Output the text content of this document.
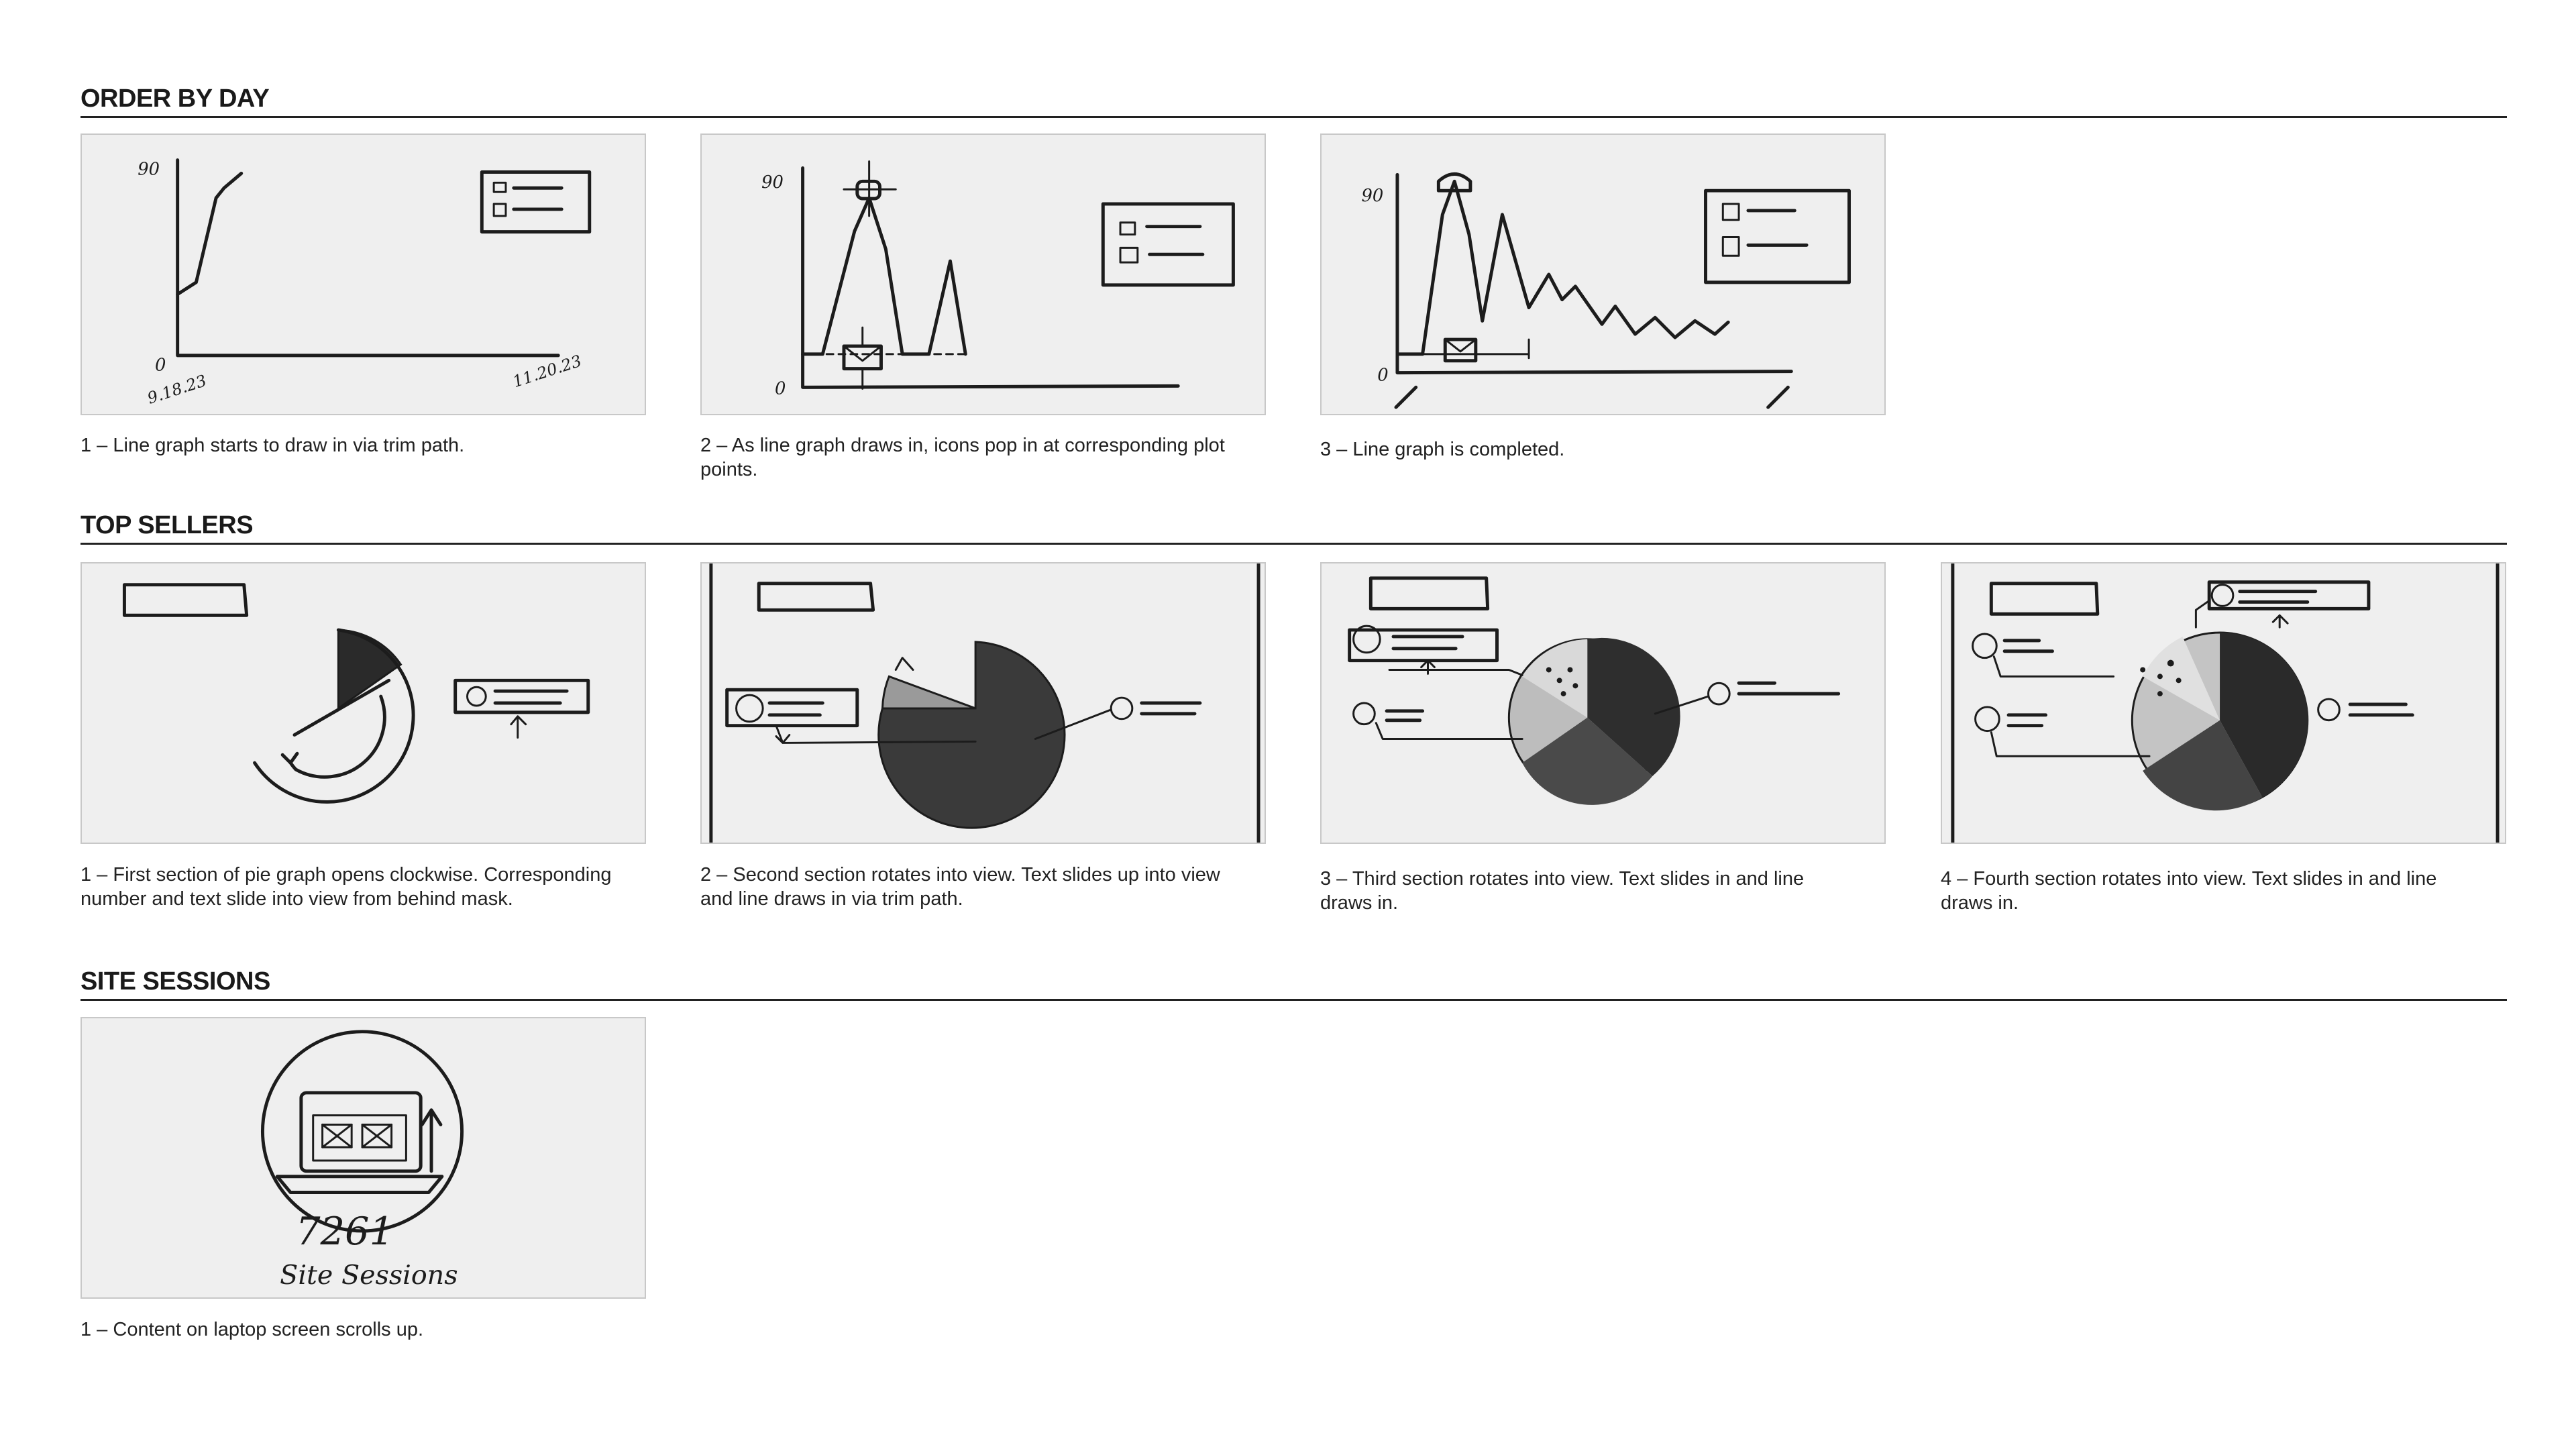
ORDER BY DAY
90
0
9.18.23	11.20.23

1 – Line graph starts to draw in via trim path.

90
0

2 – As line graph draws in, icons pop in at corresponding plot points.

90
0

3 – Line graph is completed.

TOP SELLERS

1 – First section of pie graph opens clockwise. Corresponding number and text slide into view from behind mask.

2 – Second section rotates into view. Text slides up into view and line draws in via trim path.

3 – Third section rotates into view. Text slides in and line draws in.

4 – Fourth section rotates into view. Text slides in and line draws in.

SITE SESSIONS
7261
Site Sessions

1 – Content on laptop screen scrolls up.
